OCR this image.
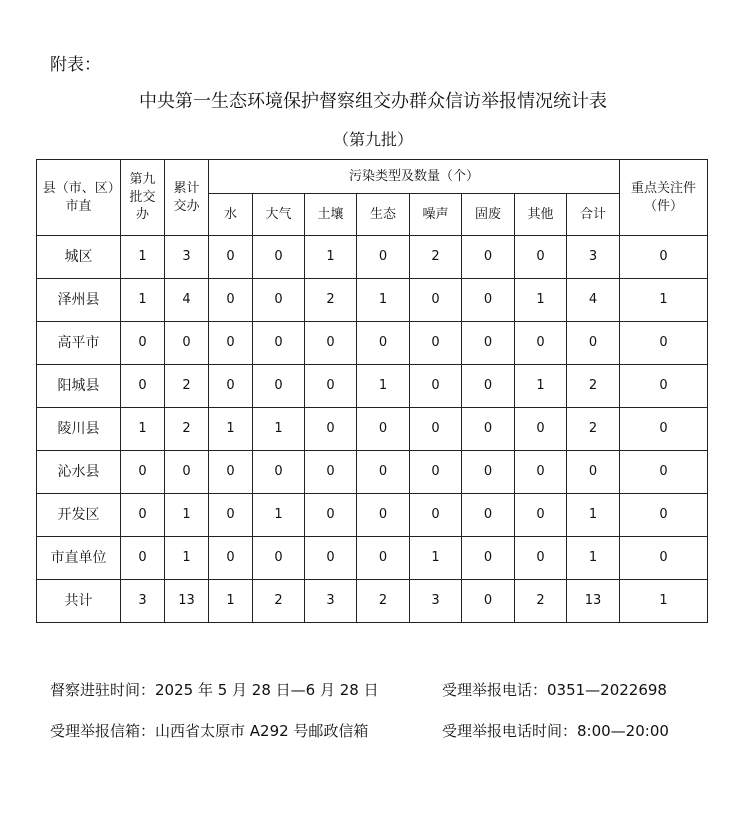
附表：
中央第一生态环境保护督察组交办群众信访举报情况统计表
（第九批）
县（市、区）市直	第九批交办	累计交办	污染类型及数量（个）								重点关注件（件）

			水	大气	土壤	生态	噪声	固废	其他	合计	
城区	1	3	0	0	1	0	2	0	0	3	0
泽州县	1	4	0	0	2	1	0	0	1	4	1
高平市	0	0	0	0	0	0	0	0	0	0	0
阳城县	0	2	0	0	0	1	0	0	1	2	0
陵川县	1	2	1	1	0	0	0	0	0	2	0
沁水县	0	0	0	0	0	0	0	0	0	0	0
开发区	0	1	0	1	0	0	0	0	0	1	0
市直单位	0	1	0	0	0	0	1	0	0	1	0
共计	3	13	1	2	3	2	3	0	2	13	1
督察进驻时间：2025 年 5 月 28 日—6 月 28 日	受理举报电话：0351—2022698
受理举报信箱：山西省太原市 A292 号邮政信箱	受理举报电话时间：8:00—20:00
